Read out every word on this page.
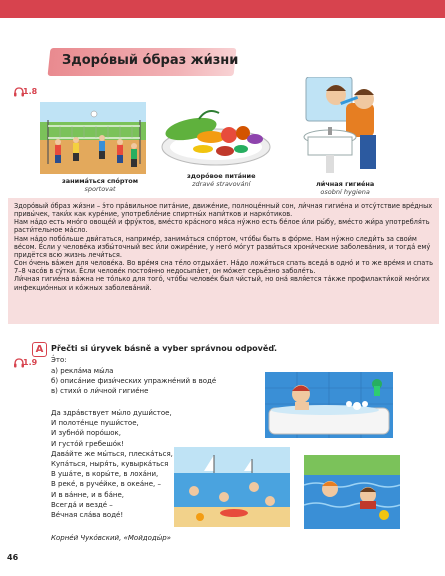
Здоро́вый о́браз жи́зни
1.8
занима́ться спо́ртом
sportovat
здоро́вое пита́ние
zdravé stravování	ли́чная гигие́на
osobní hygiena

Здоро́вый о́браз жи́зни – э́то пра́вильное пита́ние, движе́ние, полноце́нный сон, ли́чная гигие́на и отсу́тствие вре́дных привы́чек, таки́х как куре́ние, употребле́ние спиртны́х напи́тков и нарко́тиков.

Нам на́до есть мно́го овоще́й и фру́ктов, вме́сто кра́сного мя́са ну́жно есть бе́лое и́ли ры́бу, вме́сто жи́ра употребля́ть расти́тельное ма́сло.

Нам на́до побо́льше дви́гаться, наприме́р, занима́ться спо́ртом, что́бы быть в фо́рме. Нам ну́жно следи́ть за свои́м ве́сом. Е́сли у челове́ка избы́точный вес и́ли ожире́ние, у него́ мо́гут разви́ться хрони́ческие заболева́ния, и тогда́ ему́ придётся всю жизнь лечи́ться.

Сон о́чень ва́жен для челове́ка. Во вре́мя сна те́ло отдыха́ет. На́до ложи́ться спать вседа́ в одно́ и то же вре́мя и спать 7–8 часо́в в су́тки. Е́сли челове́к постоя́нно недосыпа́ет, он мо́жет серьёзно заболе́ть.

Ли́чная гигие́на ва́жна не то́лько для того́, что́бы челове́к был чи́стый, но она́ явля́ется та́кже профилакти́кой мно́гих инфекцио́нных и ко́жных заболева́ний.

A Přečti si úryvek básně a vyber správnou odpověď.
1.9 Э́то:
а) рекла́ма мы́ла
б) описа́ние физи́ческих упражне́ний в воде́
в) стихи́ о ли́чной гигие́не
Да здра́вствует мы́ло души́стое,
И полоте́нце пуши́стое,
И зубно́й поро́шок,
И густо́й гребешо́к!
Дава́йте же мы́ться, плеска́ться,
Купа́ться, ныря́ть, кувыркáться
В уша́те, в коры́те, в лоха́ни,
В реке́, в руче́йке, в океа́не, –
И в ва́нне, и в ба́не,
Всегда́ и везде́ –
Ве́чная сла́ва воде́!
Корне́й Чуко́вский, «Мойдоды́р»
46
